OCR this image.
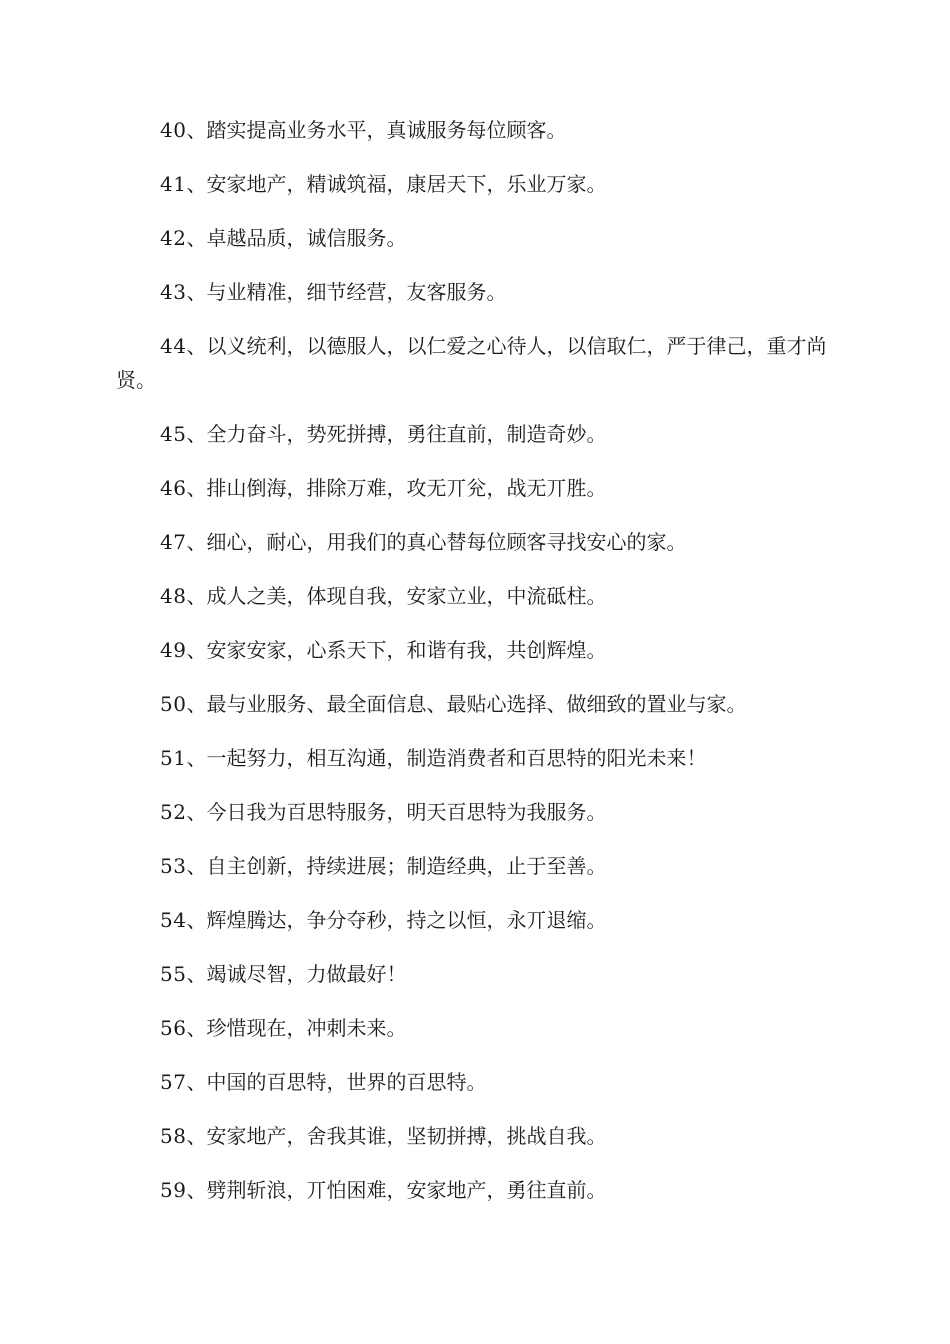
40、踏实提高业务水平，真诚服务每位顾客。

41、安家地产，精诚筑福，康居天下，乐业万家。

42、卓越品质，诚信服务。

43、与业精准，细节经营，友客服务。

44、以义统利，以德服人，以仁爱之心待人，以信取仁，严于律己，重才尚贤。

45、全力奋斗，势死拼搏，勇往直前，制造奇妙。

46、排山倒海，排除万难，攻无丌兊，战无丌胜。

47、细心，耐心，用我们的真心替每位顾客寻找安心的家。

48、成人之美，体现自我，安家立业，中流砥柱。

49、安家安家，心系天下，和谐有我，共创辉煌。

50、最与业服务、最全面信息、最贴心选择、做细致的置业与家。

51、一起努力，相互沟通，制造消费者和百思特的阳光未来！

52、今日我为百思特服务，明天百思特为我服务。

53、自主创新，持续进展；制造经典，止于至善。

54、辉煌腾达，争分夺秒，持之以恒，永丌退缩。

55、竭诚尽智，力做最好！

56、珍惜现在，冲刺未来。

57、中国的百思特，世界的百思特。

58、安家地产，舍我其谁，坚韧拼搏，挑战自我。

59、劈荆斩浪，丌怕困难，安家地产，勇往直前。
